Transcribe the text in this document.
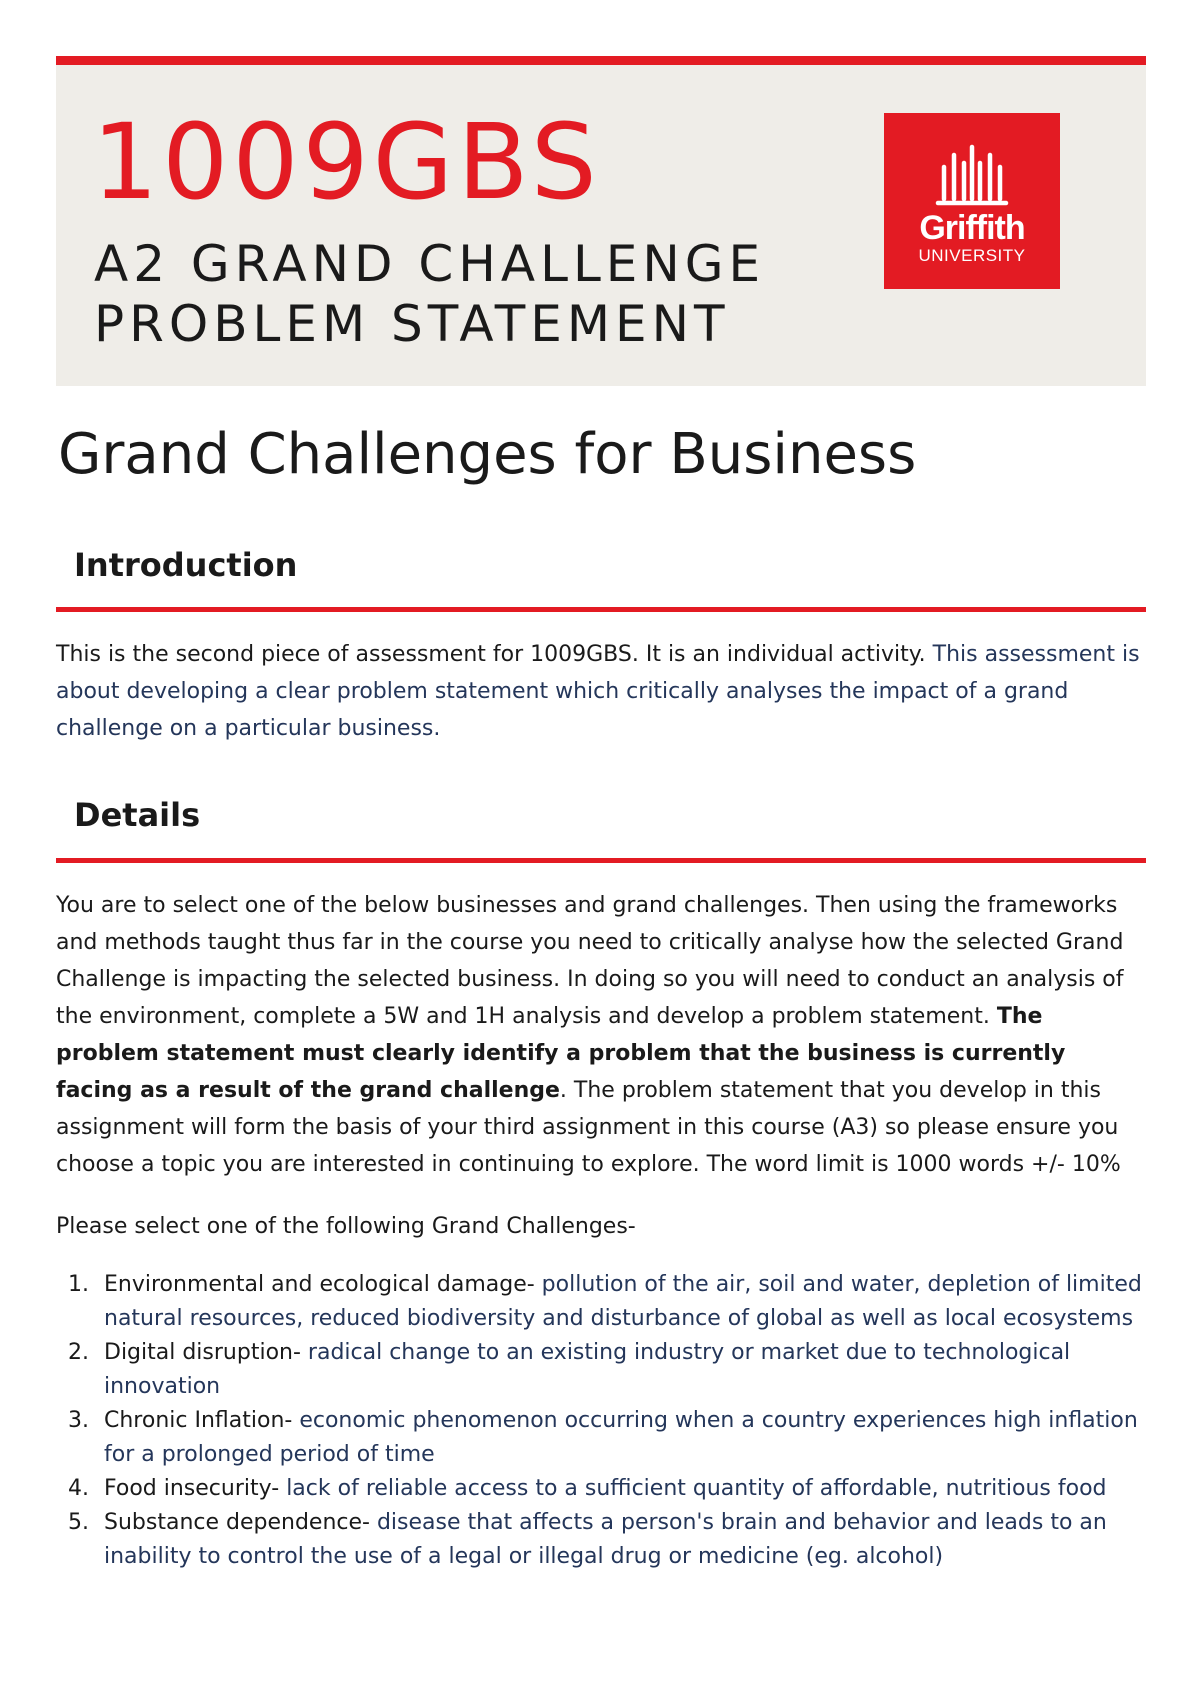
1009GBS
A2 GRAND CHALLENGE
PROBLEM STATEMENT
Griffith
UNIVERSITY
Grand Challenges for Business
Introduction
This is the second piece of assessment for 1009GBS. It is an individual activity. This assessment is about developing a clear problem statement which critically analyses the impact of a grand challenge on a particular business.
Details
You are to select one of the below businesses and grand challenges. Then using the frameworks and methods taught thus far in the course you need to critically analyse how the selected Grand Challenge is impacting the selected business. In doing so you will need to conduct an analysis of the environment, complete a 5W and 1H analysis and develop a problem statement. The problem statement must clearly identify a problem that the business is currently facing as a result of the grand challenge. The problem statement that you develop in this assignment will form the basis of your third assignment in this course (A3) so please ensure you choose a topic you are interested in continuing to explore. The word limit is 1000 words +/- 10%
Please select one of the following Grand Challenges-
1. Environmental and ecological damage- pollution of the air, soil and water, depletion of limited natural resources, reduced biodiversity and disturbance of global as well as local ecosystems
2. Digital disruption- radical change to an existing industry or market due to technological innovation
3. Chronic Inflation- economic phenomenon occurring when a country experiences high inflation for a prolonged period of time
4. Food insecurity- lack of reliable access to a sufficient quantity of affordable, nutritious food
5. Substance dependence- disease that affects a person's brain and behavior and leads to an inability to control the use of a legal or illegal drug or medicine (eg. alcohol)
